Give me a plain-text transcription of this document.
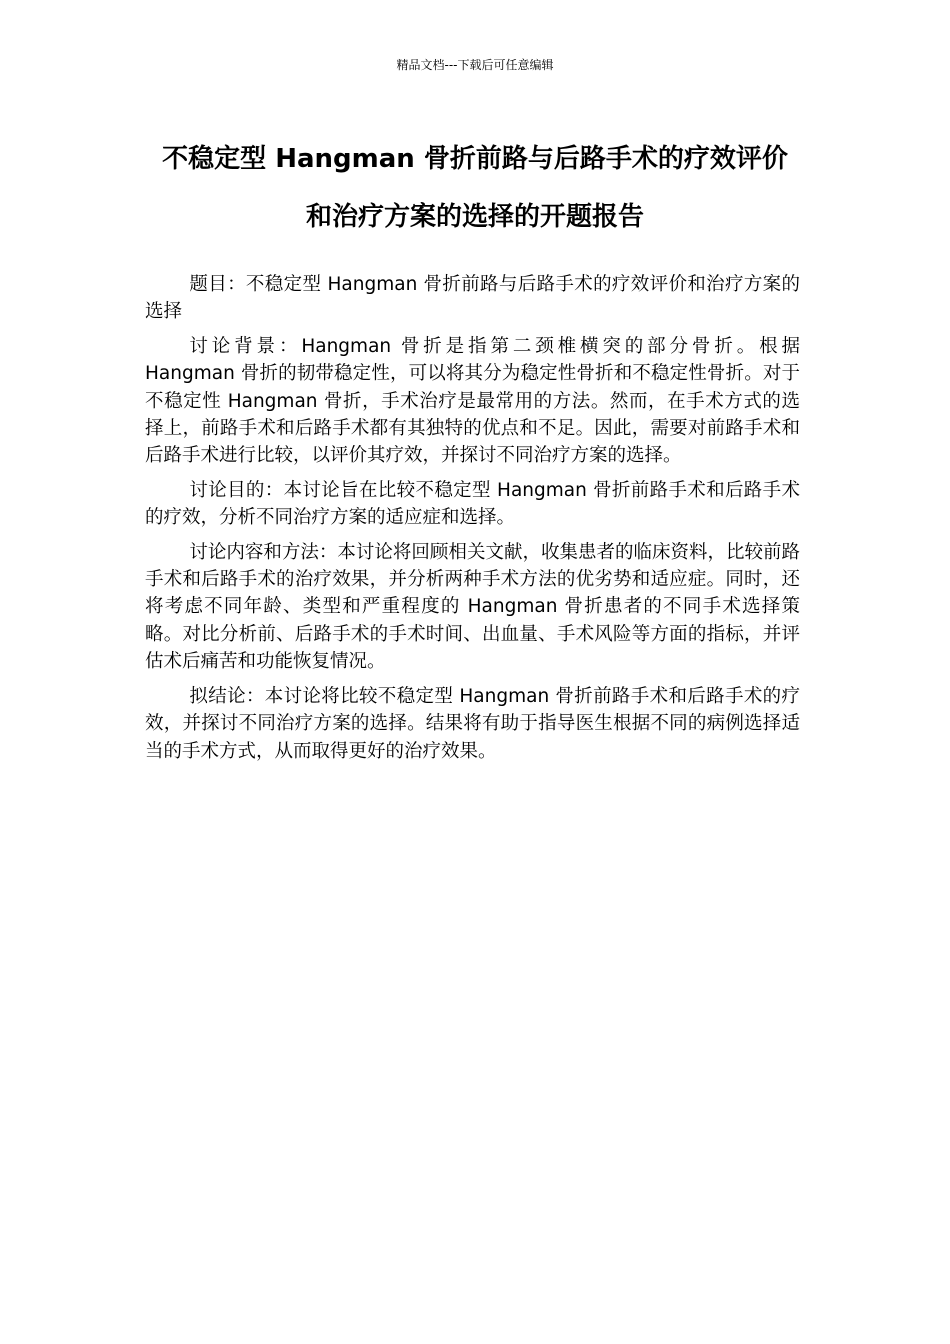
精品文档---下载后可任意编辑
不稳定型 Hangman 骨折前路与后路手术的疗效评价
和治疗方案的选择的开题报告

题目：不稳定型 Hangman 骨折前路与后路手术的疗效评价和治疗方案的选择

讨论背景：Hangman 骨折是指第二颈椎横突的部分骨折。根据 Hangman 骨折的韧带稳定性，可以将其分为稳定性骨折和不稳定性骨折。对于不稳定性 Hangman 骨折，手术治疗是最常用的方法。然而，在手术方式的选择上，前路手术和后路手术都有其独特的优点和不足。因此，需要对前路手术和后路手术进行比较，以评价其疗效，并探讨不同治疗方案的选择。

讨论目的：本讨论旨在比较不稳定型 Hangman 骨折前路手术和后路手术的疗效，分析不同治疗方案的适应症和选择。

讨论内容和方法：本讨论将回顾相关文献，收集患者的临床资料，比较前路手术和后路手术的治疗效果，并分析两种手术方法的优劣势和适应症。同时，还将考虑不同年龄、类型和严重程度的 Hangman 骨折患者的不同手术选择策略。对比分析前、后路手术的手术时间、出血量、手术风险等方面的指标，并评估术后痛苦和功能恢复情况。

拟结论：本讨论将比较不稳定型 Hangman 骨折前路手术和后路手术的疗效，并探讨不同治疗方案的选择。结果将有助于指导医生根据不同的病例选择适当的手术方式，从而取得更好的治疗效果。
